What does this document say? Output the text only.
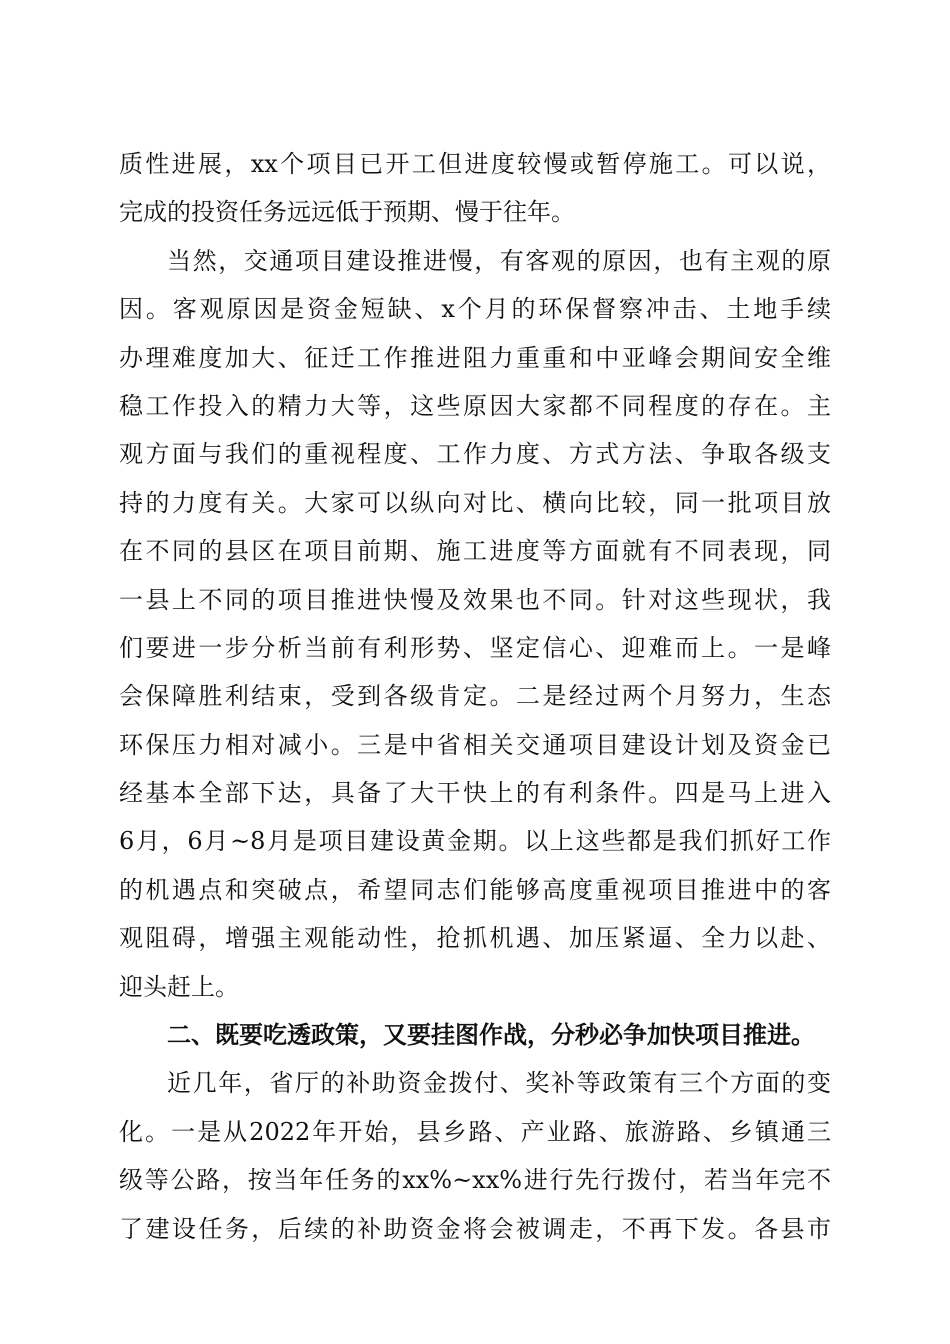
质性进展，xx个项目已开工但进度较慢或暂停施工。可以说，
完成的投资任务远远低于预期、慢于往年。
当然，交通项目建设推进慢，有客观的原因，也有主观的原
因。客观原因是资金短缺、x个月的环保督察冲击、土地手续
办理难度加大、征迁工作推进阻力重重和中亚峰会期间安全维
稳工作投入的精力大等，这些原因大家都不同程度的存在。主
观方面与我们的重视程度、工作力度、方式方法、争取各级支
持的力度有关。大家可以纵向对比、横向比较，同一批项目放
在不同的县区在项目前期、施工进度等方面就有不同表现，同
一县上不同的项目推进快慢及效果也不同。针对这些现状，我
们要进一步分析当前有利形势、坚定信心、迎难而上。一是峰
会保障胜利结束，受到各级肯定。二是经过两个月努力，生态
环保压力相对减小。三是中省相关交通项目建设计划及资金已
经基本全部下达，具备了大干快上的有利条件。四是马上进入
6月，6月~8月是项目建设黄金期。以上这些都是我们抓好工作
的机遇点和突破点，希望同志们能够高度重视项目推进中的客
观阻碍，增强主观能动性，抢抓机遇、加压紧逼、全力以赴、
迎头赶上。
二、既要吃透政策，又要挂图作战，分秒必争加快项目推进。
近几年，省厅的补助资金拨付、奖补等政策有三个方面的变
化。一是从2022年开始，县乡路、产业路、旅游路、乡镇通三
级等公路，按当年任务的xx%~xx%进行先行拨付，若当年完不
了建设任务，后续的补助资金将会被调走，不再下发。各县市
